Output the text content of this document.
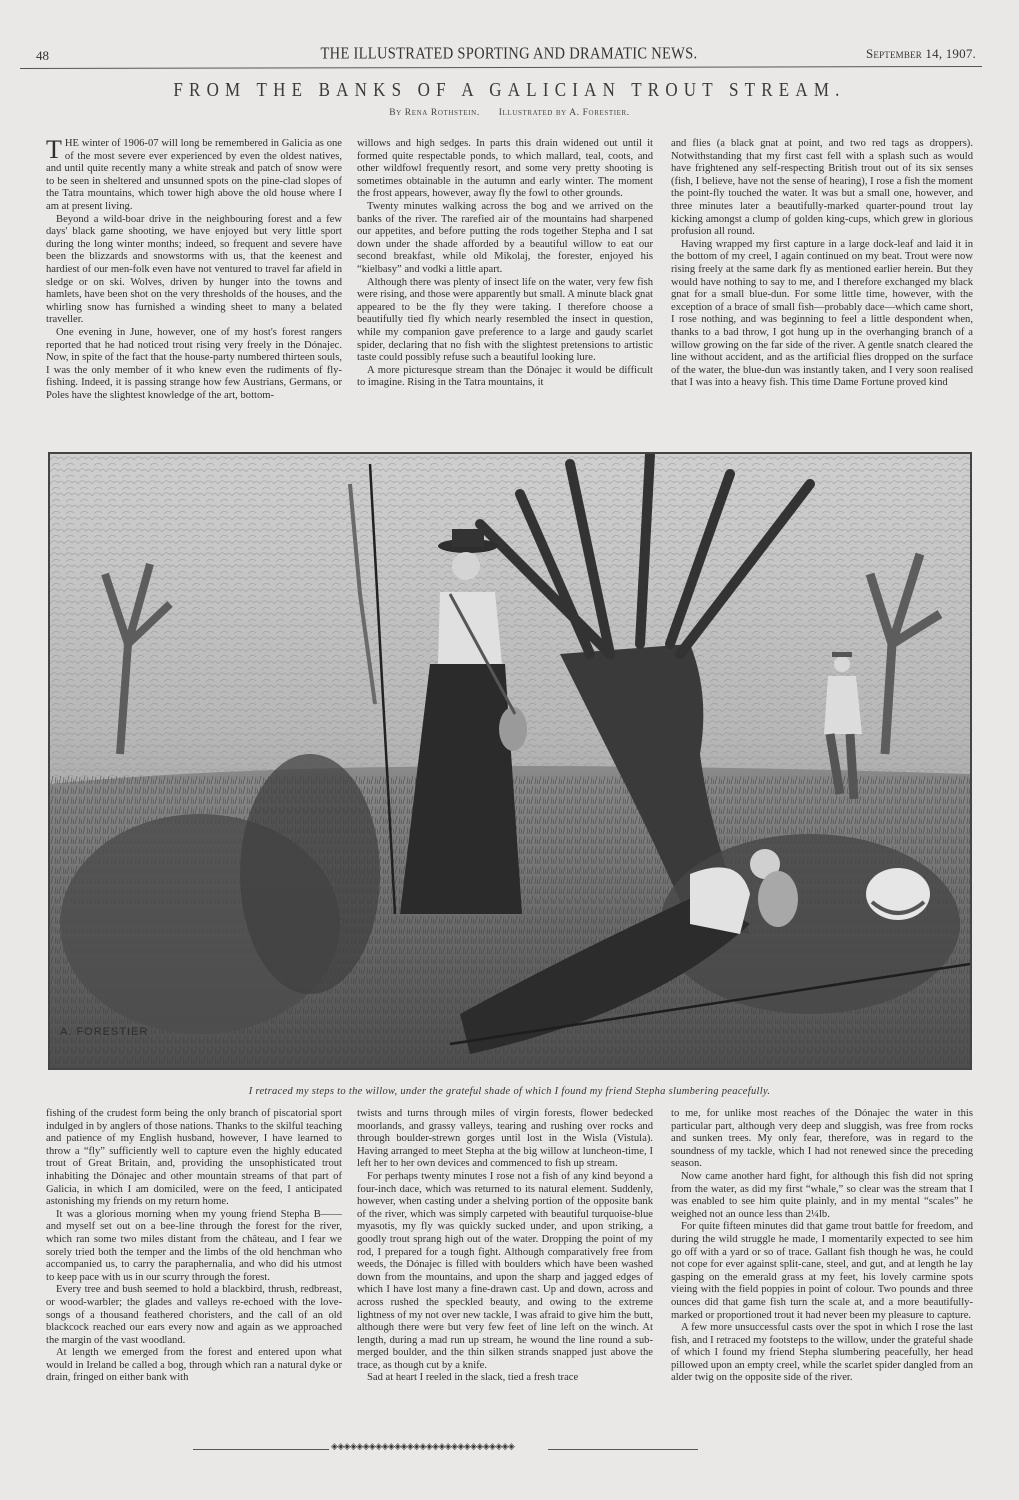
48	THE ILLUSTRATED SPORTING AND DRAMATIC NEWS.	September 14, 1907.
FROM THE BANKS OF A GALICIAN TROUT STREAM.
By Rena Rothstein. Illustrated by A. Forestier.

THE winter of 1906-07 will long be remembered in Galicia as one of the most severe ever experienced by even the oldest natives, and until quite recently many a white streak and patch of snow were to be seen in sheltered and unsunned spots on the pine-clad slopes of the Tatra mountains, which tower high above the old house where I am at present living.

Beyond a wild-boar drive in the neighbouring forest and a few days' black game shooting, we have enjoyed but very little sport during the long winter months; indeed, so frequent and severe have been the blizzards and snowstorms with us, that the keenest and hardiest of our men-folk even have not ventured to travel far afield in sledge or on ski. Wolves, driven by hunger into the towns and hamlets, have been shot on the very thresholds of the houses, and the whirling snow has furnished a winding sheet to many a belated traveller.

One evening in June, however, one of my host's forest rangers reported that he had noticed trout rising very freely in the Dónajec. Now, in spite of the fact that the house-party numbered thirteen souls, I was the only member of it who knew even the rudiments of fly-fishing. Indeed, it is passing strange how few Austrians, Germans, or Poles have the slightest knowledge of the art, bottom-

willows and high sedges. In parts this drain widened out until it formed quite respectable ponds, to which mallard, teal, coots, and other wildfowl frequently resort, and some very pretty shooting is sometimes obtainable in the autumn and early winter. The moment the frost appears, however, away fly the fowl to other grounds.

Twenty minutes walking across the bog and we arrived on the banks of the river. The rarefied air of the mountains had sharpened our appetites, and before putting the rods together Stepha and I sat down under the shade afforded by a beautiful willow to eat our second breakfast, while old Mikolaj, the forester, enjoyed his “kielbasy” and vodki a little apart.

Although there was plenty of insect life on the water, very few fish were rising, and those were apparently but small. A minute black gnat appeared to be the fly they were taking. I therefore choose a beautifully tied fly which nearly resembled the insect in question, while my companion gave preference to a large and gaudy scarlet spider, declaring that no fish with the slightest pretensions to artistic taste could possibly refuse such a beautiful looking lure.

A more picturesque stream than the Dónajec it would be difficult to imagine. Rising in the Tatra mountains, it

and flies (a black gnat at point, and two red tags as droppers). Notwithstanding that my first cast fell with a splash such as would have frightened any self-respecting British trout out of its six senses (fish, I believe, have not the sense of hearing), I rose a fish the moment the point-fly touched the water. It was but a small one, however, and three minutes later a beautifully-marked quarter-pound trout lay kicking amongst a clump of golden king-cups, which grew in glorious profusion all round.

Having wrapped my first capture in a large dock-leaf and laid it in the bottom of my creel, I again continued on my beat. Trout were now rising freely at the same dark fly as mentioned earlier herein. But they would have nothing to say to me, and I therefore exchanged my black gnat for a small blue-dun. For some little time, however, with the exception of a brace of small fish—probably dace—which came short, I rose nothing, and was beginning to feel a little despondent when, thanks to a bad throw, I got hung up in the overhanging branch of a willow growing on the far side of the river. A gentle snatch cleared the line without accident, and as the artificial flies dropped on the surface of the water, the blue-dun was instantly taken, and I very soon realised that I was into a heavy fish. This time Dame Fortune proved kind

A. FORESTIER
I retraced my steps to the willow, under the grateful shade of which I found my friend Stepha slumbering peacefully.

fishing of the crudest form being the only branch of piscatorial sport indulged in by anglers of those nations. Thanks to the skilful teaching and patience of my English husband, however, I have learned to throw a “fly” sufficiently well to capture even the highly educated trout of Great Britain, and, providing the unsophisticated trout inhabiting the Dónajec and other mountain streams of that part of Galicia, in which I am domiciled, were on the feed, I anticipated astonishing my friends on my return home.

It was a glorious morning when my young friend Stepha B—— and myself set out on a bee-line through the forest for the river, which ran some two miles distant from the château, and I fear we sorely tried both the temper and the limbs of the old henchman who accompanied us, to carry the paraphernalia, and who did his utmost to keep pace with us in our scurry through the forest.

Every tree and bush seemed to hold a blackbird, thrush, redbreast, or wood-warbler; the glades and valleys re-echoed with the love-songs of a thousand feathered choristers, and the call of an old blackcock reached our ears every now and again as we approached the margin of the vast woodland.

At length we emerged from the forest and entered upon what would in Ireland be called a bog, through which ran a natural dyke or drain, fringed on either bank with

twists and turns through miles of virgin forests, flower bedecked moorlands, and grassy valleys, tearing and rushing over rocks and through boulder-strewn gorges until lost in the Wisla (Vistula). Having arranged to meet Stepha at the big willow at luncheon-time, I left her to her own devices and commenced to fish up stream.

For perhaps twenty minutes I rose not a fish of any kind beyond a four-inch dace, which was returned to its natural element. Suddenly, however, when casting under a shelving portion of the opposite bank of the river, which was simply carpeted with beautiful turquoise-blue myasotis, my fly was quickly sucked under, and upon striking, a goodly trout sprang high out of the water. Dropping the point of my rod, I prepared for a tough fight. Although comparatively free from weeds, the Dónajec is filled with boulders which have been washed down from the mountains, and upon the sharp and jagged edges of which I have lost many a fine-drawn cast. Up and down, across and across rushed the speckled beauty, and owing to the extreme lightness of my not over new tackle, I was afraid to give him the butt, although there were but very few feet of line left on the winch. At length, during a mad run up stream, he wound the line round a submerged boulder, and the thin silken strands snapped just above the trace, as though cut by a knife.

Sad at heart I reeled in the slack, tied a fresh trace

to me, for unlike most reaches of the Dónajec the water in this particular part, although very deep and sluggish, was free from rocks and sunken trees. My only fear, therefore, was in regard to the soundness of my tackle, which I had not renewed since the preceding season.

Now came another hard fight, for although this fish did not spring from the water, as did my first “whale,” so clear was the stream that I was enabled to see him quite plainly, and in my mental “scales” he weighed not an ounce less than 2¼lb.

For quite fifteen minutes did that game trout battle for freedom, and during the wild struggle he made, I momentarily expected to see him go off with a yard or so of trace. Gallant fish though he was, he could not cope for ever against split-cane, steel, and gut, and at length he lay gasping on the emerald grass at my feet, his lovely carmine spots vieing with the field poppies in point of colour. Two pounds and three ounces did that game fish turn the scale at, and a more beautifully-marked or proportioned trout it had never been my pleasure to capture.

A few more unsuccessful casts over the spot in which I rose the last fish, and I retraced my footsteps to the willow, under the grateful shade of which I found my friend Stepha slumbering peacefully, her head pillowed upon an empty creel, while the scarlet spider dangled from an alder twig on the opposite side of the river.

◈◈◈◈◈◈◈◈◈◈◈◈◈◈◈◈◈◈◈◈◈◈◈◈◈◈◈◈◈
